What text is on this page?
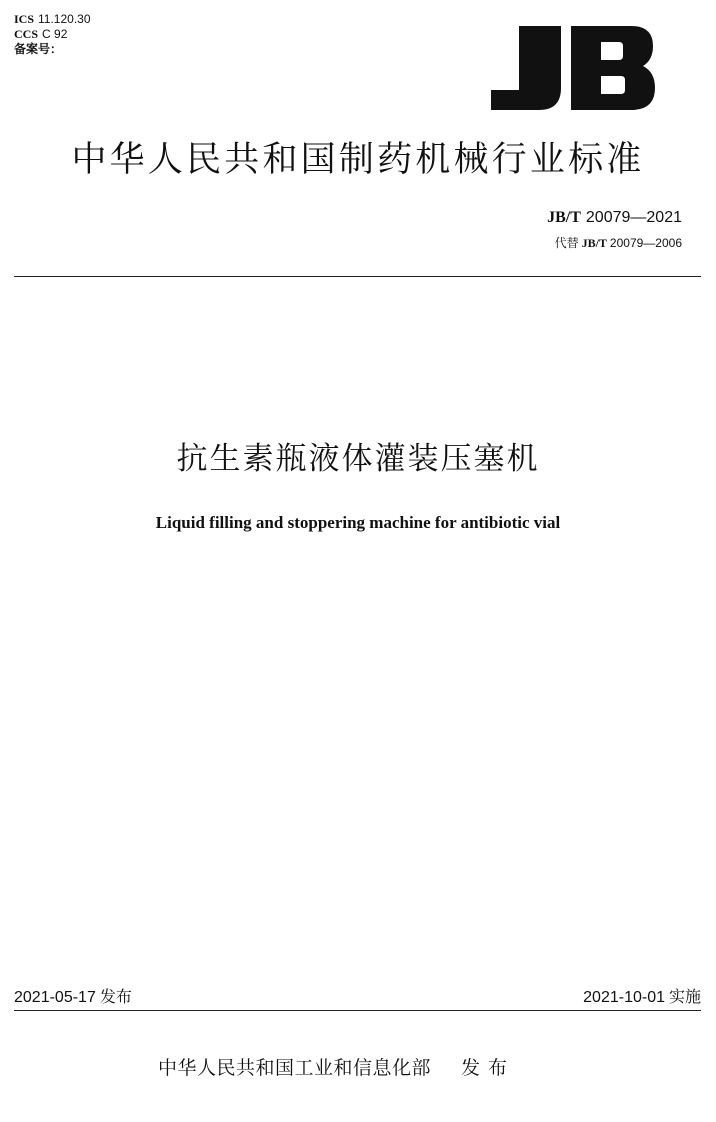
ICS 11.120.30
CCS C 92
备案号：
中华人民共和国制药机械行业标准
JB/T 20079—2021
代替 JB/T 20079—2006
抗生素瓶液体灌装压塞机
Liquid filling and stoppering machine for antibiotic vial
2021-05-17 发布	2021-10-01 实施
中华人民共和国工业和信息化部 发布
